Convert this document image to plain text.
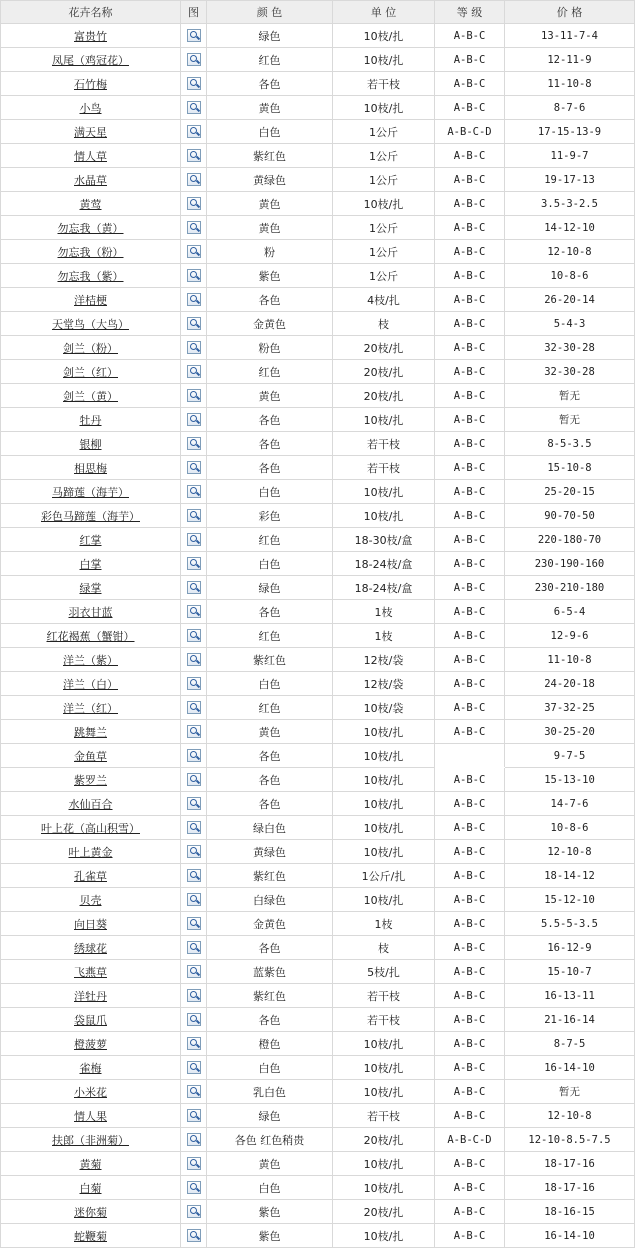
花卉名称	图	颜 色	单 位	等 级	价 格
富贵竹		绿色	10枝/扎	A-B-C	13-11-7-4
凤尾（鸡冠花）		红色	10枝/扎	A-B-C	12-11-9
石竹梅		各色	若干枝	A-B-C	11-10-8
小鸟		黄色	10枝/扎	A-B-C	8-7-6
满天星		白色	1公斤	A-B-C-D	17-15-13-9
情人草		紫红色	1公斤	A-B-C	11-9-7
水晶草		黄绿色	1公斤	A-B-C	19-17-13
黄莺		黄色	10枝/扎	A-B-C	3.5-3-2.5
勿忘我（黄）		黄色	1公斤	A-B-C	14-12-10
勿忘我（粉）		粉	1公斤	A-B-C	12-10-8
勿忘我（紫）		紫色	1公斤	A-B-C	10-8-6
洋桔梗		各色	4枝/扎	A-B-C	26-20-14
天堂鸟（大鸟）		金黄色	枝	A-B-C	5-4-3
剑兰（粉）		粉色	20枝/扎	A-B-C	32-30-28
剑兰（红）		红色	20枝/扎	A-B-C	32-30-28
剑兰（黄）		黄色	20枝/扎	A-B-C	暂无
牡丹		各色	10枝/扎	A-B-C	暂无
银柳		各色	若干枝	A-B-C	8-5-3.5
相思梅		各色	若干枝	A-B-C	15-10-8
马蹄莲（海芋）		白色	10枝/扎	A-B-C	25-20-15
彩色马蹄莲（海芋）		彩色	10枝/扎	A-B-C	90-70-50
红掌		红色	18-30枝/盒	A-B-C	220-180-70
白掌		白色	18-24枝/盒	A-B-C	230-190-160
绿掌		绿色	18-24枝/盒	A-B-C	230-210-180
羽衣甘蓝		各色	1枝	A-B-C	6-5-4
红花褐蕉（蟹钳）		红色	1枝	A-B-C	12-9-6
洋兰（紫）		紫红色	12枝/袋	A-B-C	11-10-8
洋兰（白）		白色	12枝/袋	A-B-C	24-20-18
洋兰（红）		红色	10枝/袋	A-B-C	37-32-25
跳舞兰		黄色	10枝/扎	A-B-C	30-25-20
金鱼草		各色	10枝/扎		9-7-5
紫罗兰		各色	10枝/扎	A-B-C	15-13-10
水仙百合		各色	10枝/扎	A-B-C	14-7-6
叶上花（高山积雪）		绿白色	10枝/扎	A-B-C	10-8-6
叶上黄金		黄绿色	10枝/扎	A-B-C	12-10-8
孔雀草		紫红色	1公斤/扎	A-B-C	18-14-12
贝壳		白绿色	10枝/扎	A-B-C	15-12-10
向日葵		金黄色	1枝	A-B-C	5.5-5-3.5
绣球花		各色	枝	A-B-C	16-12-9
飞燕草		蓝紫色	5枝/扎	A-B-C	15-10-7
洋牡丹		紫红色	若干枝	A-B-C	16-13-11
袋鼠爪		各色	若干枝	A-B-C	21-16-14
橙菠萝		橙色	10枝/扎	A-B-C	8-7-5
雀梅		白色	10枝/扎	A-B-C	16-14-10
小米花		乳白色	10枝/扎	A-B-C	暂无
情人果		绿色	若干枝	A-B-C	12-10-8
扶郎（非洲菊）		各色 红色稍贵	20枝/扎	A-B-C-D	12-10-8.5-7.5
黄菊		黄色	10枝/扎	A-B-C	18-17-16
白菊		白色	10枝/扎	A-B-C	18-17-16
迷你菊		紫色	20枝/扎	A-B-C	18-16-15
蛇鞭菊		紫色	10枝/扎	A-B-C	16-14-10
